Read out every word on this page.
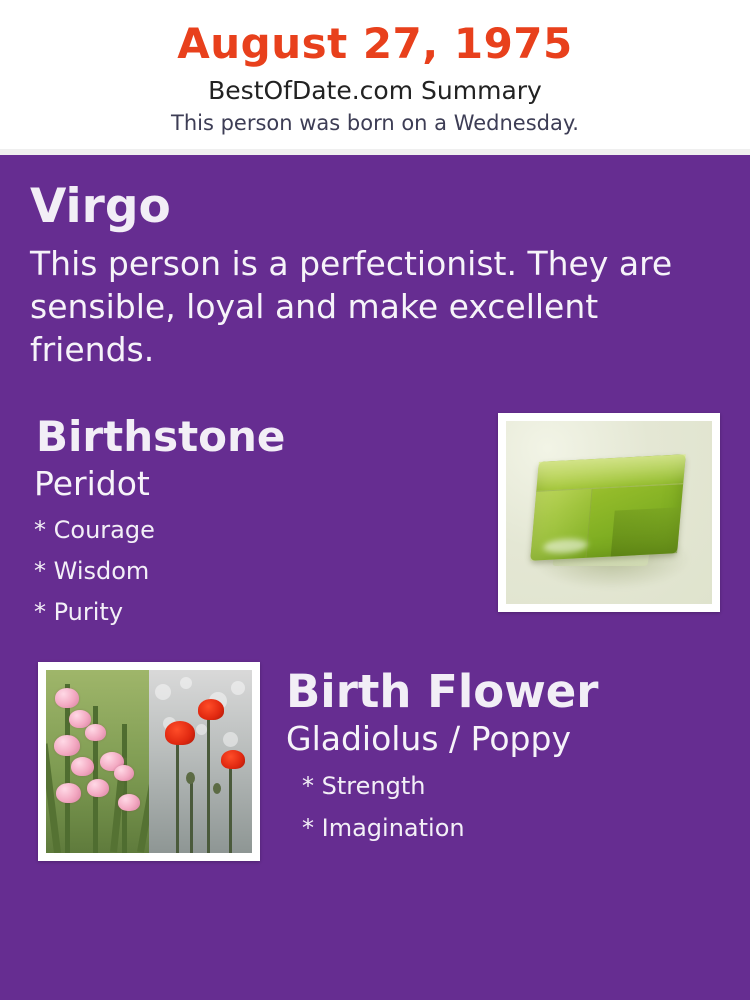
August 27, 1975
BestOfDate.com Summary
This person was born on a Wednesday.
Virgo
This person is a perfectionist. They are sensible, loyal and make excellent friends.
Birthstone
Peridot
* Courage
* Wisdom
* Purity
Birth Flower
Gladiolus / Poppy
* Strength
* Imagination
